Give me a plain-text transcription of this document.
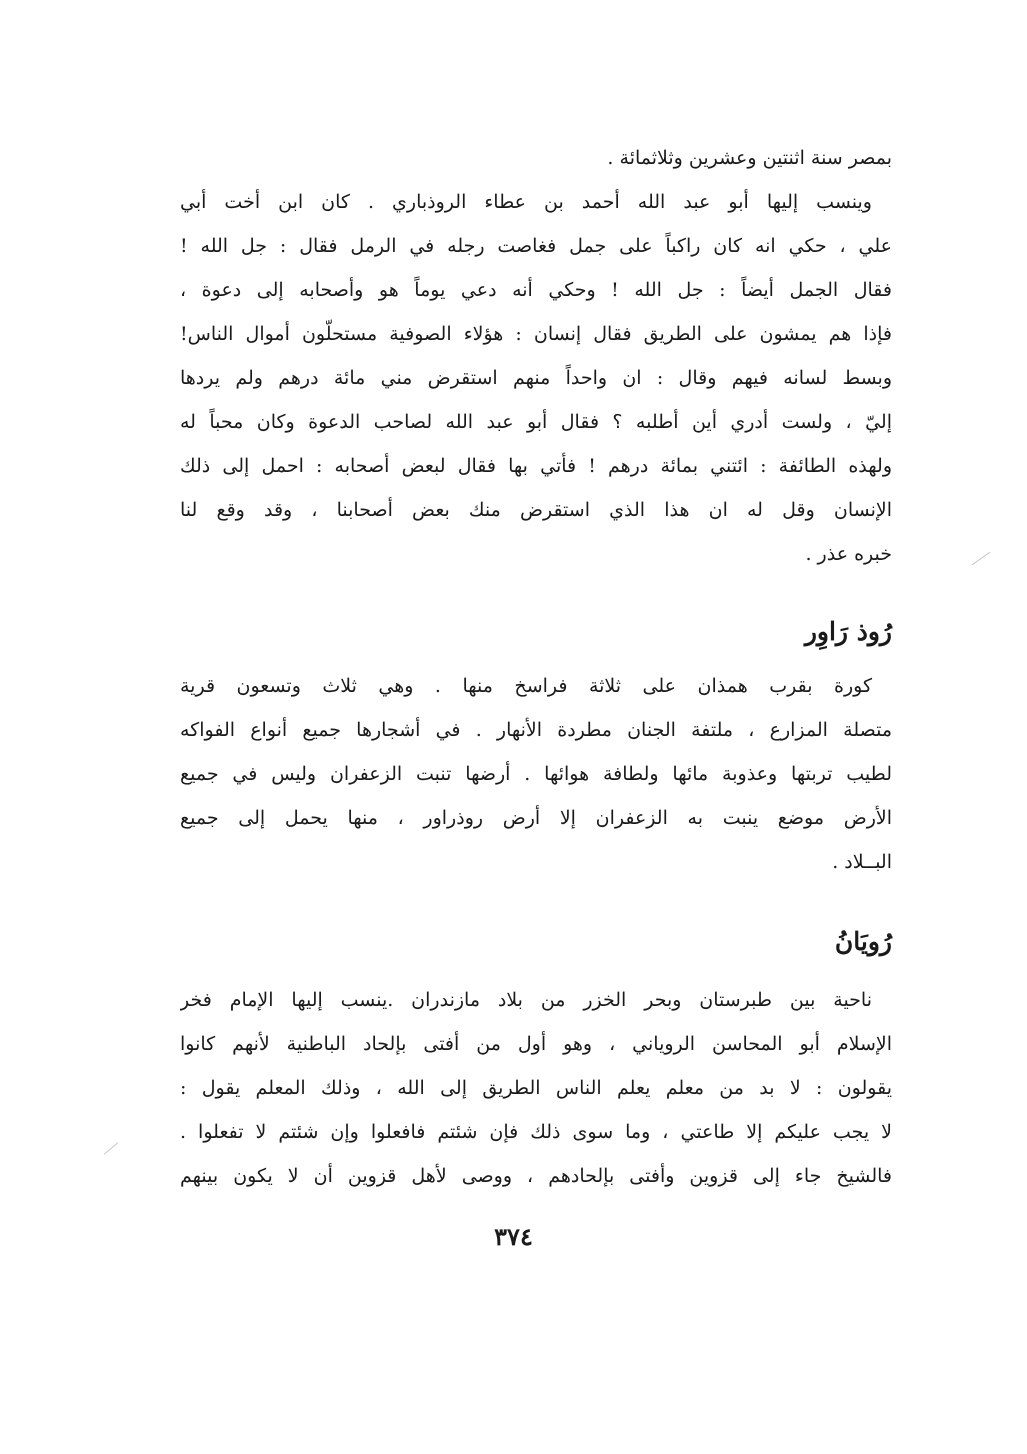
بمصر سنة اثنتين وعشرين وثلاثمائة .
وينسب إليها أبو عبد الله أحمد بن عطاء الروذباري . كان ابن أخت أبي
علي ، حكي انه كان راكباً على جمل فغاصت رجله في الرمل فقال : جل الله !
فقال الجمل أيضاً : جل الله ! وحكي أنه دعي يوماً هو وأصحابه إلى دعوة ،
فإذا هم يمشون على الطريق فقال إنسان : هؤلاء الصوفية مستحلّون أموال الناس!
وبسط لسانه فيهم وقال : ان واحداً منهم استقرض مني مائة درهم ولم يردها
إليّ ، ولست أدري أين أطلبه ؟ فقال أبو عبد الله لصاحب الدعوة وكان محباً له
ولهذه الطائفة : ائتني بمائة درهم ! فأتي بها فقال لبعض أصحابه : احمل إلى ذلك
الإنسان وقل له ان هذا الذي استقرض منك بعض أصحابنا ، وقد وقع لنا
خبره عذر .
رُوذ رَاوِر
كورة بقرب همذان على ثلاثة فراسخ منها . وهي ثلاث وتسعون قرية
متصلة المزارع ، ملتفة الجنان مطردة الأنهار . في أشجارها جميع أنواع الفواكه
لطيب تربتها وعذوبة مائها ولطافة هوائها . أرضها تنبت الزعفران وليس في جميع
الأرض موضع ينبت به الزعفران إلا أرض روذراور ، منها يحمل إلى جميع
البــلاد .
رُويَانُ
ناحية بين طبرستان وبحر الخزر من بلاد مازندران .ينسب إليها الإمام فخر
الإسلام أبو المحاسن الروياني ، وهو أول من أفتى بإلحاد الباطنية لأنهم كانوا
يقولون : لا بد من معلم يعلم الناس الطريق إلى الله ، وذلك المعلم يقول :
لا يجب عليكم إلا طاعتي ، وما سوى ذلك فإن شئتم فافعلوا وإن شئتم لا تفعلوا .
فالشيخ جاء إلى قزوين وأفتى بإلحادهم ، ووصى لأهل قزوين أن لا يكون بينهم
٣٧٤
